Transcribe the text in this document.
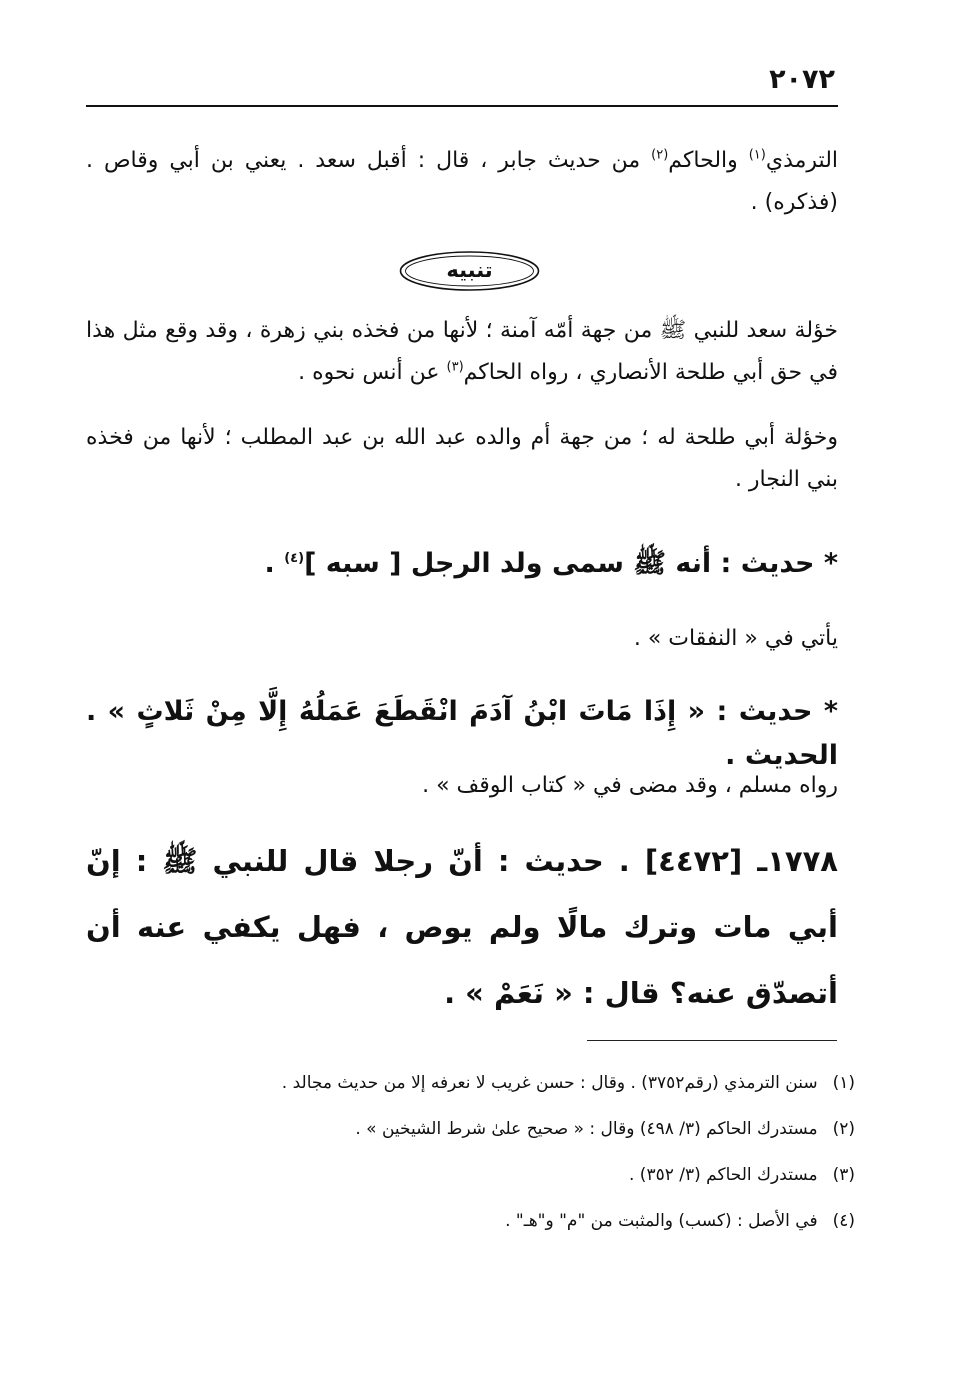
٢٠٧٢

الترمذي$^{(١)}$ والحاكم$^{(٢)}$ من حديث جابر ، قال : أقبل سعد . يعني بن أبي وقاص . (فذكره) .

تنبيه

خؤلة سعد للنبي ﷺ من جهة أمّه آمنة ؛ لأنها من فخذه بني زهرة ، وقد وقع مثل هذا في حق أبي طلحة الأنصاري ، رواه الحاكم$^{(٣)}$ عن أنس نحوه .

وخؤلة أبي طلحة له ؛ من جهة أم والده عبد الله بن عبد المطلب ؛ لأنها من فخذه بني النجار .

* حديث : أنه ﷺ سمى ولد الرجل [ سبه ]$^{(٤)}$ .

يأتي في « النفقات » .

* حديث : « إِذَا مَاتَ ابْنُ آدَمَ انْقَطَعَ عَمَلُهُ إِلَّا مِنْ ثَلاثٍ » . الحديث .

رواه مسلم ، وقد مضى في « كتاب الوقف » .

١٧٧٨ـ [٤٤٧٢] . حديث : أنّ رجلا قال للنبي ﷺ : إنّ أبي مات وترك مالًا ولم يوص ، فهل يكفي عنه أن أتصدّق عنه؟ قال : « نَعَمْ » .

(١) سنن الترمذي (رقم٣٧٥٢) . وقال : حسن غريب لا نعرفه إلا من حديث مجالد .
(٢) مستدرك الحاكم (٣/ ٤٩٨) وقال : « صحيح علىٰ شرط الشيخين » .
(٣) مستدرك الحاكم (٣/ ٣٥٢) .
(٤) في الأصل : (كسب) والمثبت من "م" و"هـ" .
